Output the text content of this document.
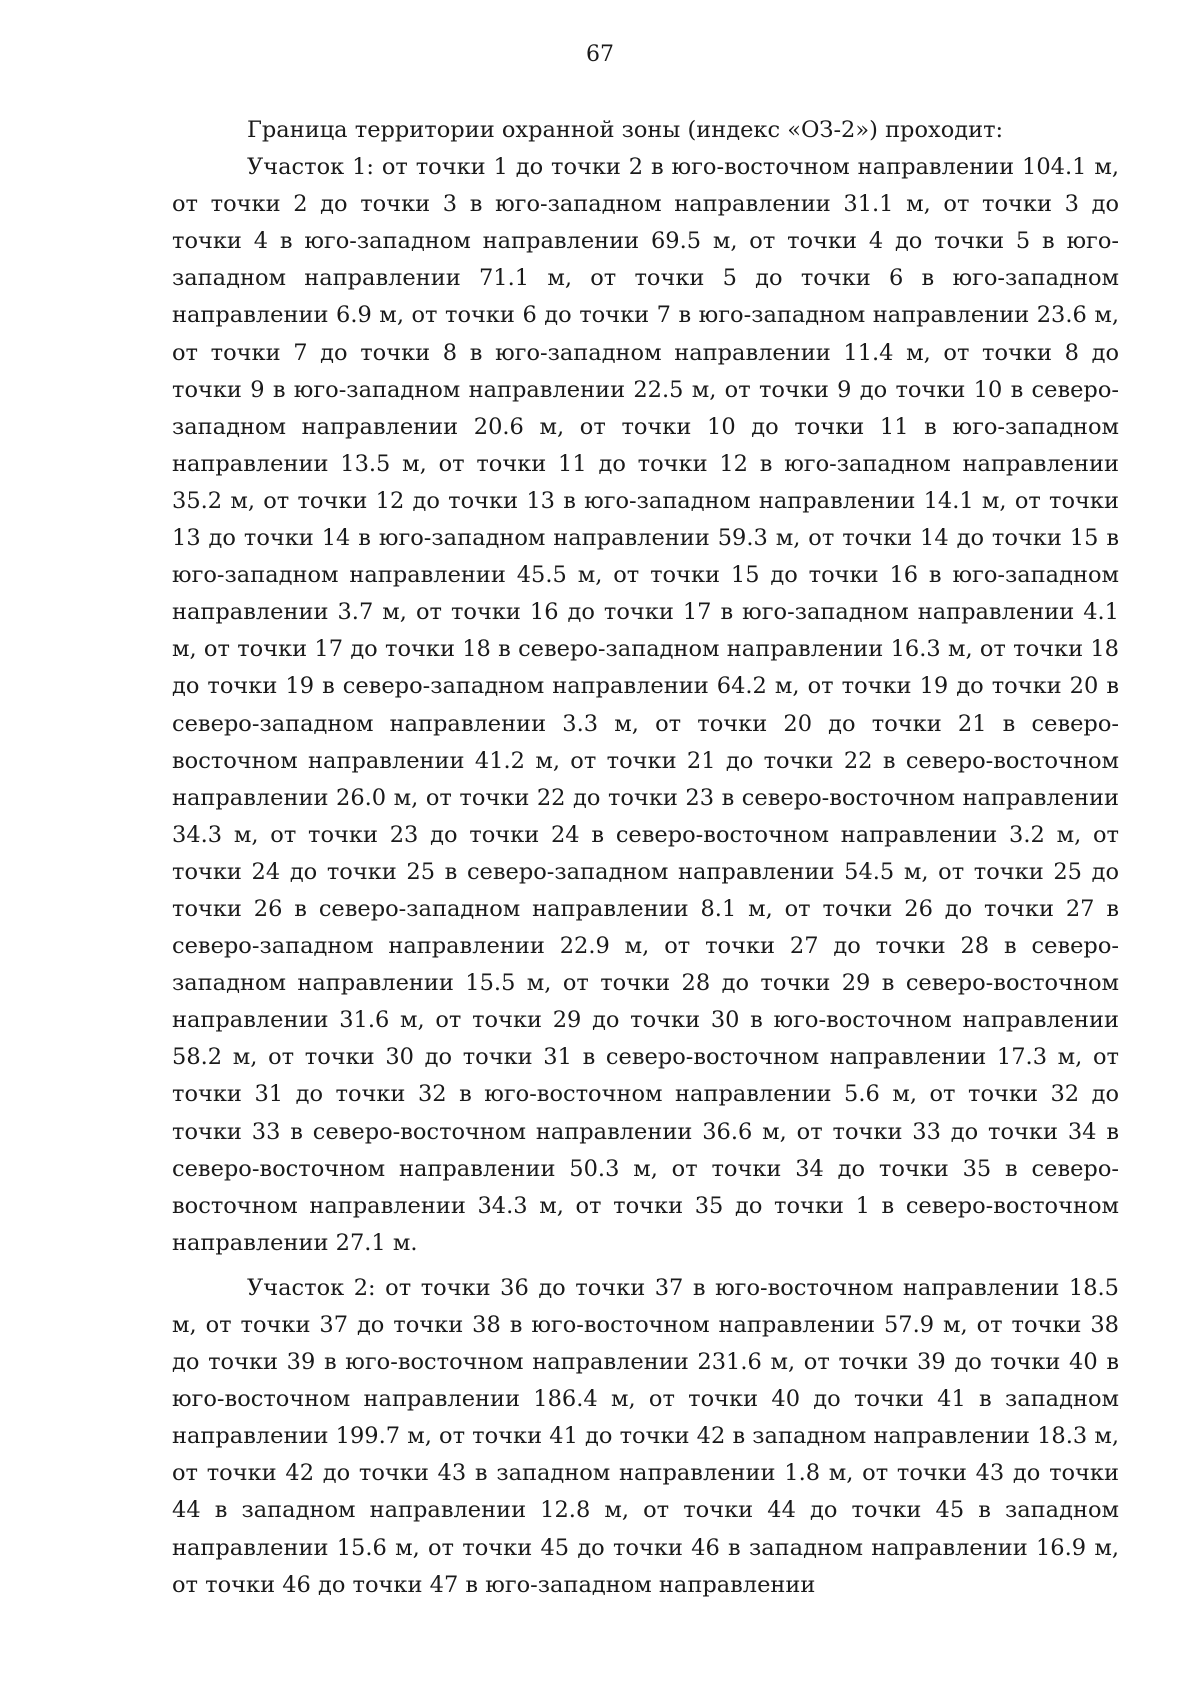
67

Граница территории охранной зоны (индекс «ОЗ-2») проходит:

Участок 1: от точки 1 до точки 2 в юго-восточном направлении 104.1 м, от точки 2 до точки 3 в юго-западном направлении 31.1 м, от точки 3 до точки 4 в юго-западном направлении 69.5 м, от точки 4 до точки 5 в юго-западном направлении 71.1 м, от точки 5 до точки 6 в юго-западном направлении 6.9 м, от точки 6 до точки 7 в юго-западном направлении 23.6 м, от точки 7 до точки 8 в юго-западном направлении 11.4 м, от точки 8 до точки 9 в юго-западном направлении 22.5 м, от точки 9 до точки 10 в северо-западном направлении 20.6 м, от точки 10 до точки 11 в юго-западном направлении 13.5 м, от точки 11 до точки 12 в юго-западном направлении 35.2 м, от точки 12 до точки 13 в юго-западном направлении 14.1 м, от точки 13 до точки 14 в юго-западном направлении 59.3 м, от точки 14 до точки 15 в юго-западном направлении 45.5 м, от точки 15 до точки 16 в юго-западном направлении 3.7 м, от точки 16 до точки 17 в юго-западном направлении 4.1 м, от точки 17 до точки 18 в северо-западном направлении 16.3 м, от точки 18 до точки 19 в северо-западном направлении 64.2 м, от точки 19 до точки 20 в северо-западном направлении 3.3 м, от точки 20 до точки 21 в северо-восточном направлении 41.2 м, от точки 21 до точки 22 в северо-восточном направлении 26.0 м, от точки 22 до точки 23 в северо-восточном направлении 34.3 м, от точки 23 до точки 24 в северо-восточном направлении 3.2 м, от точки 24 до точки 25 в северо-западном направлении 54.5 м, от точки 25 до точки 26 в северо-западном направлении 8.1 м, от точки 26 до точки 27 в северо-западном направлении 22.9 м, от точки 27 до точки 28 в северо-западном направлении 15.5 м, от точки 28 до точки 29 в северо-восточном направлении 31.6 м, от точки 29 до точки 30 в юго-восточном направлении 58.2 м, от точки 30 до точки 31 в северо-восточном направлении 17.3 м, от точки 31 до точки 32 в юго-восточном направлении 5.6 м, от точки 32 до точки 33 в северо-восточном направлении 36.6 м, от точки 33 до точки 34 в северо-восточном направлении 50.3 м, от точки 34 до точки 35 в северо-восточном направлении 34.3 м, от точки 35 до точки 1 в северо-восточном направлении 27.1 м.

Участок 2: от точки 36 до точки 37 в юго-восточном направлении 18.5 м, от точки 37 до точки 38 в юго-восточном направлении 57.9 м, от точки 38 до точки 39 в юго-восточном направлении 231.6 м, от точки 39 до точки 40 в юго-восточном направлении 186.4 м, от точки 40 до точки 41 в западном направлении 199.7 м, от точки 41 до точки 42 в западном направлении 18.3 м, от точки 42 до точки 43 в западном направлении 1.8 м, от точки 43 до точки 44 в западном направлении 12.8 м, от точки 44 до точки 45 в западном направлении 15.6 м, от точки 45 до точки 46 в западном направлении 16.9 м, от точки 46 до точки 47 в юго-западном направлении
